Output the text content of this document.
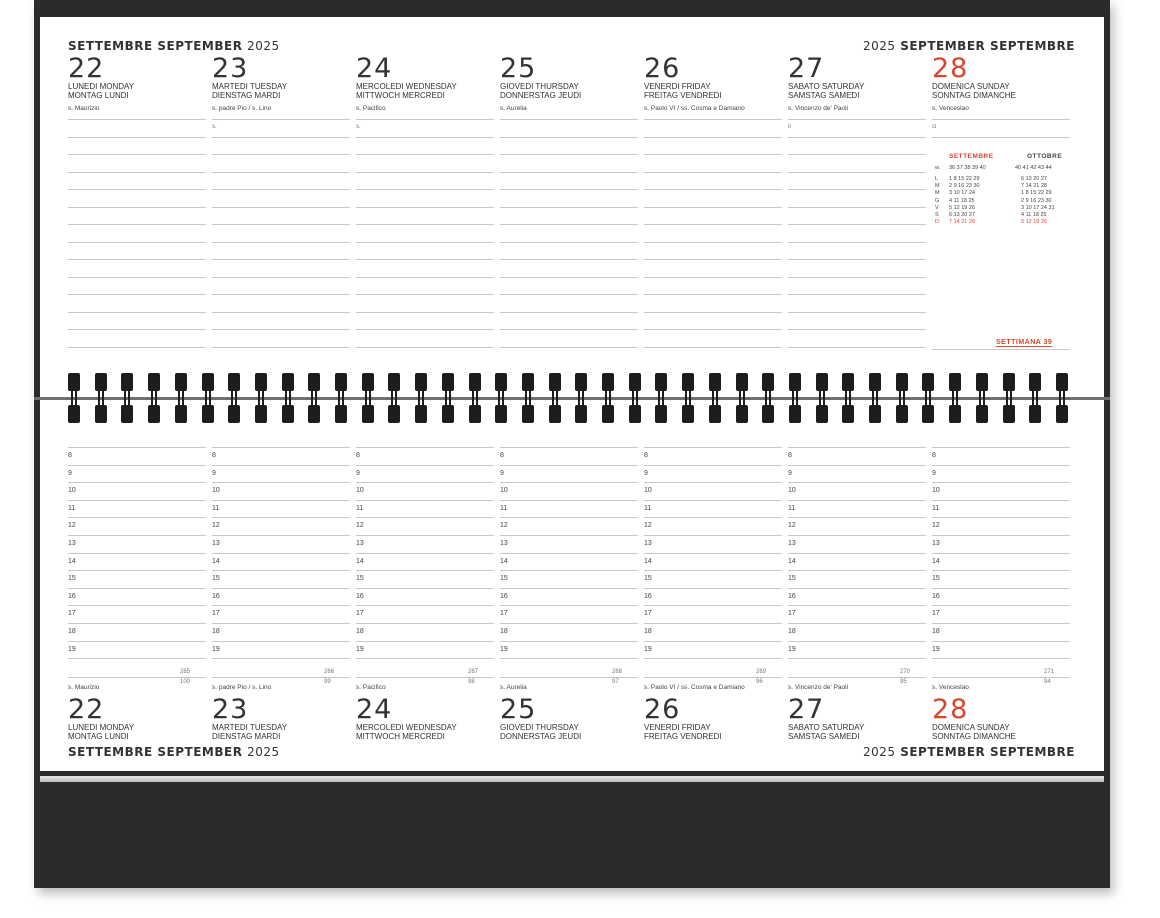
SETTEMBRE SEPTEMBER 2025	2025 SEPTEMBER SEPTEMBRE
SETTEMBRE SEPTEMBER 2025	2025 SEPTEMBER SEPTEMBRE
22
LUNEDI MONDAY
MONTAG LUNDI
s. Maurizio
23
MARTEDI TUESDAY
DIENSTAG MARDI
s. padre Pio / s. Lino
s.
24
MERCOLEDI WEDNESDAY
MITTWOCH MERCREDI
s. Pacifico
s.
25
GIOVEDI THURSDAY
DONNERSTAG JEUDI
s. Aurelia
26
VENERDI FRIDAY
FREITAG VENDREDI
s. Paolo VI / ss. Cosma e Damiano
27
SABATO SATURDAY
SAMSTAG SAMEDI
s. Vincenzo de' Paoli
ir
28
DOMENICA SUNDAY
SONNTAG DIMANCHE
s. Venceslao
ci
22
LUNEDI MONDAY
MONTAG LUNDI
s. Maurizio
265
100
23
MARTEDI TUESDAY
DIENSTAG MARDI
s. padre Pio / s. Lino
266
99
24
MERCOLEDI WEDNESDAY
MITTWOCH MERCREDI
s. Pacifico
267
98
25
GIOVEDI THURSDAY
DONNERSTAG JEUDI
s. Aurelia
268
97
26
VENERDI FRIDAY
FREITAG VENDREDI
s. Paolo VI / ss. Cosma e Damiano
269
96
27
SABATO SATURDAY
SAMSTAG SAMEDI
s. Vincenzo de' Paoli
270
95
28
DOMENICA SUNDAY
SONNTAG DIMANCHE
s. Venceslao
271
94
8
9
10
11
12
13
14
15
16
17
18
19
8
9
10
11
12
13
14
15
16
17
18
19
8
9
10
11
12
13
14
15
16
17
18
19
8
9
10
11
12
13
14
15
16
17
18
19
8
9
10
11
12
13
14
15
16
17
18
19
8
9
10
11
12
13
14
15
16
17
18
19
8
9
10
11
12
13
14
15
16
17
18
19
SETTEMBRE	OTTOBRE
w. 36 37 38 39 40	40 41 42 43 44
L 1 8 15 22 29	6 13 20 27
M 2 9 16 23 30	7 14 21 28
M 3 10 17 24	1 8 15 22 29
G 4 11 18 25	2 9 16 23 30
V 5 12 19 26	3 10 17 24 31
S 6 13 20 27	4 11 18 25
D 7 14 21 28	5 12 19 26
SETTIMANA 39
